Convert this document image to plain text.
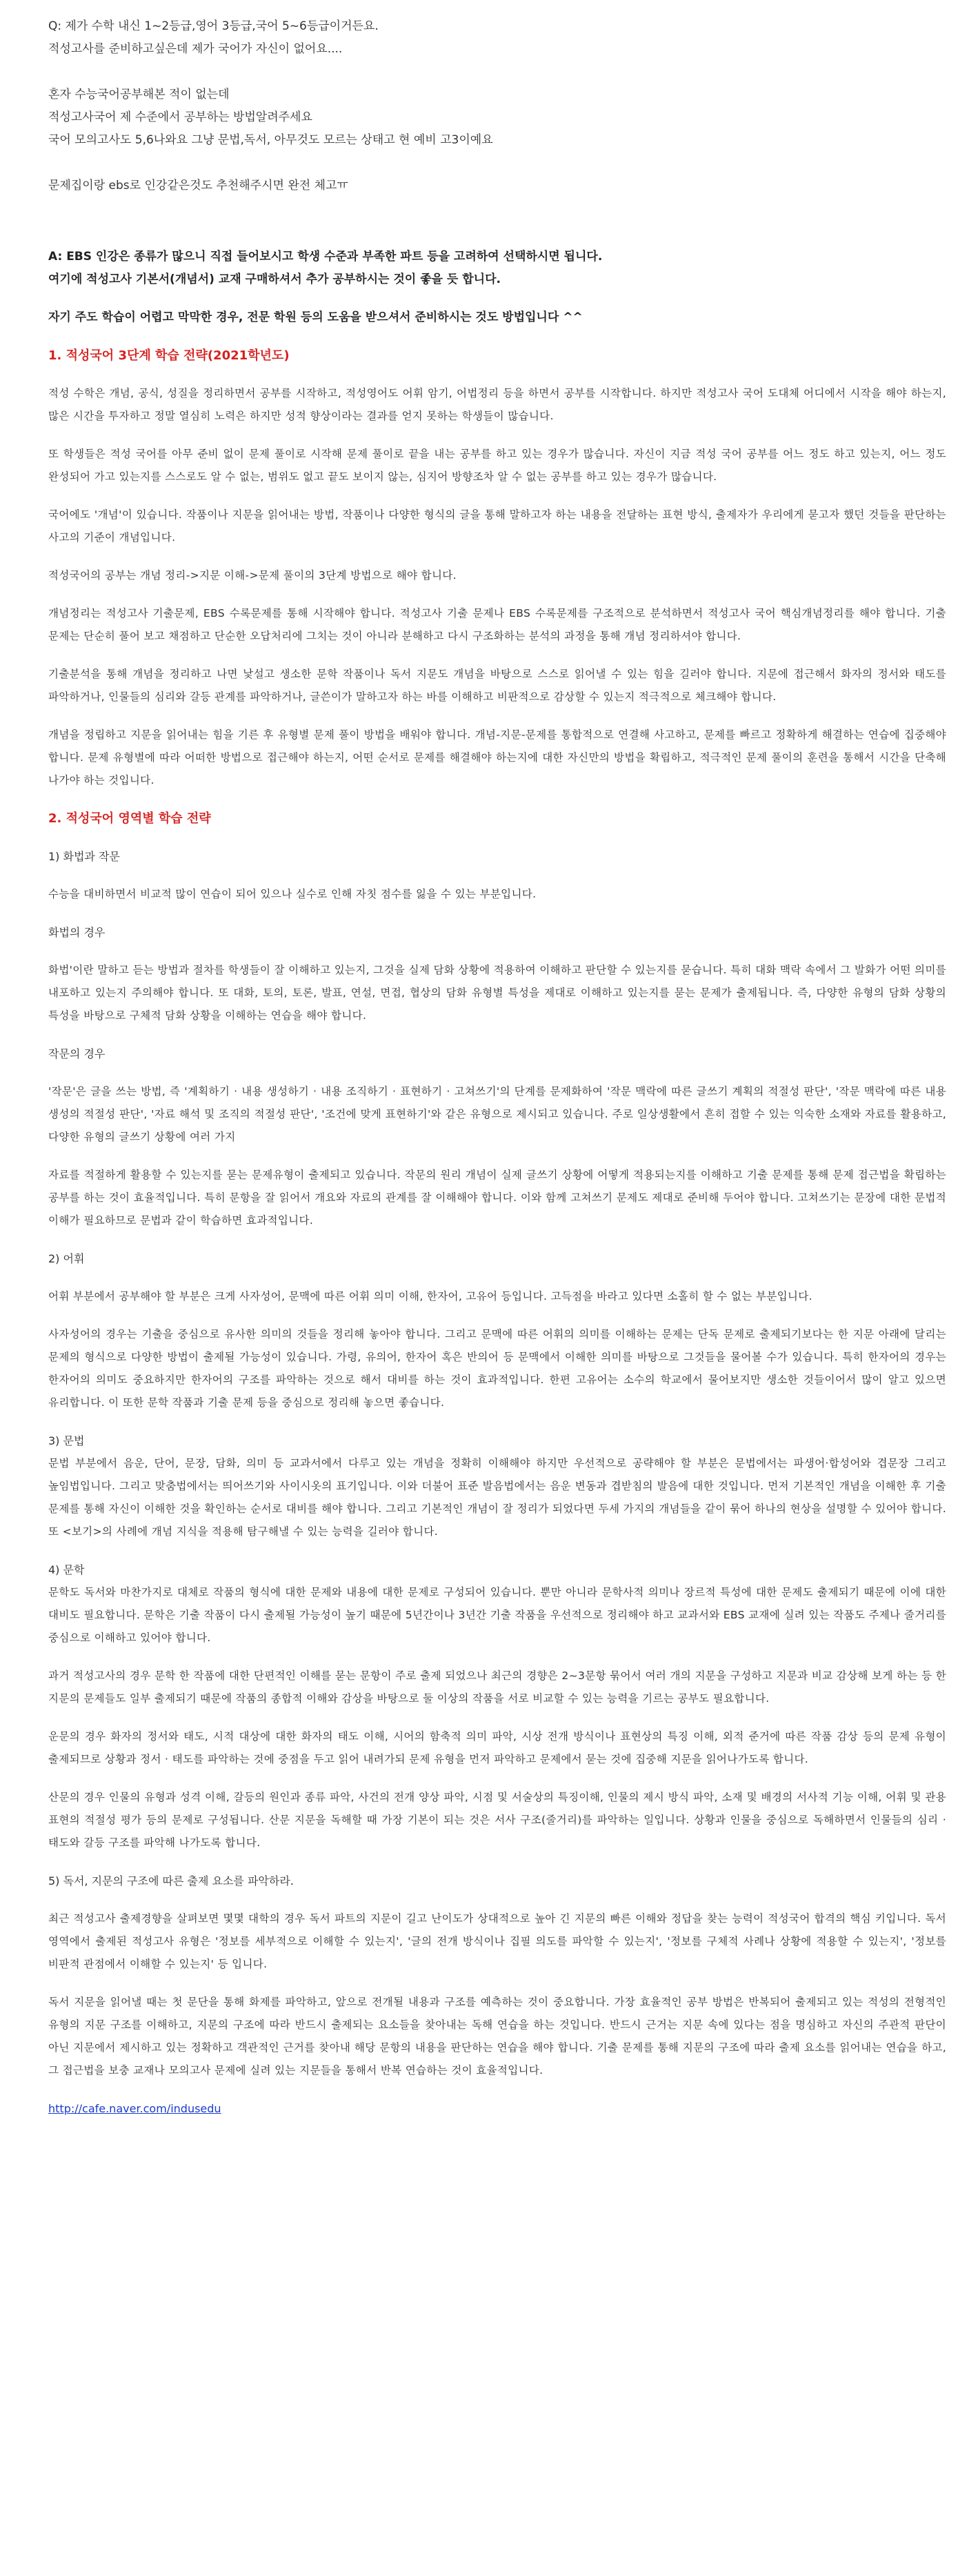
Q: 제가 수학 내신 1~2등급,영어 3등급,국어 5~6등급이거든요.

적성고사를 준비하고싶은데 제가 국어가 자신이 없어요....

혼자 수능국어공부해본 적이 없는데

적성고사국어 제 수준에서 공부하는 방법알려주세요

국어 모의고사도 5,6나와요 그냥 문법,독서, 아무것도 모르는 상태고 현 예비 고3이예요

문제집이랑 ebs로 인강같은것도 추천해주시면 완전 체고ㅠ

A: EBS 인강은 종류가 많으니 직접 들어보시고 학생 수준과 부족한 파트 등을 고려하여 선택하시면 됩니다.

여기에 적성고사 기본서(개념서) 교재 구매하셔서 추가 공부하시는 것이 좋을 듯 합니다.

자기 주도 학습이 어렵고 막막한 경우, 전문 학원 등의 도움을 받으셔서 준비하시는 것도 방법입니다 ^^

1. 적성국어 3단계 학습 전략(2021학년도)

적성 수학은 개념, 공식, 성질을 정리하면서 공부를 시작하고, 적성영어도 어휘 암기, 어법정리 등을 하면서 공부를 시작합니다. 하지만 적성고사 국어 도대체 어디에서 시작을 해야 하는지, 많은 시간을 투자하고 정말 열심히 노력은 하지만 성적 향상이라는 결과를 얻지 못하는 학생들이 많습니다.

또 학생들은 적성 국어를 아무 준비 없이 문제 풀이로 시작해 문제 풀이로 끝을 내는 공부를 하고 있는 경우가 많습니다. 자신이 지금 적성 국어 공부를 어느 정도 하고 있는지, 어느 정도 완성되어 가고 있는지를 스스로도 알 수 없는, 범위도 없고 끝도 보이지 않는, 심지어 방향조차 알 수 없는 공부를 하고 있는 경우가 많습니다.

국어에도 '개념'이 있습니다. 작품이나 지문을 읽어내는 방법, 작품이나 다양한 형식의 글을 통해 말하고자 하는 내용을 전달하는 표현 방식, 출제자가 우리에게 묻고자 했던 것들을 판단하는 사고의 기준이 개념입니다.

적성국어의 공부는 개념 정리->지문 이해->문제 풀이의 3단계 방법으로 해야 합니다.

개념정리는 적성고사 기출문제, EBS 수록문제를 통해 시작해야 합니다. 적성고사 기출 문제나 EBS 수록문제를 구조적으로 분석하면서 적성고사 국어 핵심개념정리를 해야 합니다. 기출 문제는 단순히 풀어 보고 채점하고 단순한 오답처리에 그치는 것이 아니라 분해하고 다시 구조화하는 분석의 과정을 통해 개념 정리하셔야 합니다.

기출분석을 통해 개념을 정리하고 나면 낯설고 생소한 문학 작품이나 독서 지문도 개념을 바탕으로 스스로 읽어낼 수 있는 힘을 길러야 합니다. 지문에 접근해서 화자의 정서와 태도를 파악하거나, 인물들의 심리와 갈등 관계를 파악하거나, 글쓴이가 말하고자 하는 바를 이해하고 비판적으로 감상할 수 있는지 적극적으로 체크해야 합니다.

개념을 정립하고 지문을 읽어내는 힘을 기른 후 유형별 문제 풀이 방법을 배워야 합니다. 개념-지문-문제를 통합적으로 연결해 사고하고, 문제를 빠르고 정확하게 해결하는 연습에 집중해야 합니다. 문제 유형별에 따라 어떠한 방법으로 접근해야 하는지, 어떤 순서로 문제를 해결해야 하는지에 대한 자신만의 방법을 확립하고, 적극적인 문제 풀이의 훈련을 통해서 시간을 단축해 나가야 하는 것입니다.

2. 적성국어 영역별 학습 전략

1) 화법과 작문

수능을 대비하면서 비교적 많이 연습이 되어 있으나 실수로 인해 자칫 점수를 잃을 수 있는 부분입니다.

화법의 경우

화법'이란 말하고 듣는 방법과 절차를 학생들이 잘 이해하고 있는지, 그것을 실제 담화 상황에 적용하여 이해하고 판단할 수 있는지를 묻습니다. 특히 대화 맥락 속에서 그 발화가 어떤 의미를 내포하고 있는지 주의해야 합니다. 또 대화, 토의, 토론, 발표, 연설, 면접, 협상의 담화 유형별 특성을 제대로 이해하고 있는지를 묻는 문제가 출제됩니다. 즉, 다양한 유형의 담화 상황의 특성을 바탕으로 구체적 담화 상황을 이해하는 연습을 해야 합니다.

작문의 경우

'작문'은 글을 쓰는 방법, 즉 '계획하기 · 내용 생성하기 · 내용 조직하기 · 표현하기 · 고쳐쓰기'의 단계를 문제화하여 '작문 맥락에 따른 글쓰기 계획의 적절성 판단', '작문 맥락에 따른 내용 생성의 적절성 판단', '자료 해석 및 조직의 적절성 판단', '조건에 맞게 표현하기'와 같은 유형으로 제시되고 있습니다. 주로 일상생활에서 흔히 접할 수 있는 익숙한 소재와 자료를 활용하고, 다양한 유형의 글쓰기 상황에 여러 가지

자료를 적절하게 활용할 수 있는지를 묻는 문제유형이 출제되고 있습니다. 작문의 원리 개념이 실제 글쓰기 상황에 어떻게 적용되는지를 이해하고 기출 문제를 통해 문제 접근법을 확립하는 공부를 하는 것이 효율적입니다. 특히 문항을 잘 읽어서 개요와 자료의 관계를 잘 이해해야 합니다. 이와 함께 고쳐쓰기 문제도 제대로 준비해 두어야 합니다. 고쳐쓰기는 문장에 대한 문법적 이해가 필요하므로 문법과 같이 학습하면 효과적입니다.

2) 어휘

어휘 부분에서 공부해야 할 부분은 크게 사자성어, 문맥에 따른 어휘 의미 이해, 한자어, 고유어 등입니다. 고득점을 바라고 있다면 소홀히 할 수 없는 부분입니다.

사자성어의 경우는 기출을 중심으로 유사한 의미의 것들을 정리해 놓아야 합니다. 그리고 문맥에 따른 어휘의 의미를 이해하는 문제는 단독 문제로 출제되기보다는 한 지문 아래에 달리는 문제의 형식으로 다양한 방법이 출제될 가능성이 있습니다. 가령, 유의어, 한자어 혹은 반의어 등 문맥에서 이해한 의미를 바탕으로 그것들을 물어볼 수가 있습니다. 특히 한자어의 경우는 한자어의 의미도 중요하지만 한자어의 구조를 파악하는 것으로 해서 대비를 하는 것이 효과적입니다. 한편 고유어는 소수의 학교에서 물어보지만 생소한 것들이어서 많이 알고 있으면 유리합니다. 이 또한 문학 작품과 기출 문제 등을 중심으로 정리해 놓으면 좋습니다.

3) 문법

문법 부분에서 음운, 단어, 문장, 담화, 의미 등 교과서에서 다루고 있는 개념을 정확히 이해해야 하지만 우선적으로 공략해야 할 부분은 문법에서는 파생어·합성어와 겹문장 그리고 높임법입니다. 그리고 맞춤법에서는 띄어쓰기와 사이시옷의 표기입니다. 이와 더불어 표준 발음법에서는 음운 변동과 겹받침의 발음에 대한 것입니다. 먼저 기본적인 개념을 이해한 후 기출 문제를 통해 자신이 이해한 것을 확인하는 순서로 대비를 해야 합니다. 그리고 기본적인 개념이 잘 정리가 되었다면 두세 가지의 개념들을 같이 묶어 하나의 현상을 설명할 수 있어야 합니다. 또 <보기>의 사례에 개념 지식을 적용해 탐구해낼 수 있는 능력을 길러야 합니다.

4) 문학

문학도 독서와 마찬가지로 대체로 작품의 형식에 대한 문제와 내용에 대한 문제로 구성되어 있습니다. 뿐만 아니라 문학사적 의미나 장르적 특성에 대한 문제도 출제되기 때문에 이에 대한 대비도 필요합니다. 문학은 기출 작품이 다시 출제될 가능성이 높기 때문에 5년간이나 3년간 기출 작품을 우선적으로 정리해야 하고 교과서와 EBS 교재에 실려 있는 작품도 주제나 줄거리를 중심으로 이해하고 있어야 합니다.

과거 적성고사의 경우 문학 한 작품에 대한 단편적인 이해를 묻는 문항이 주로 출제 되었으나 최근의 경향은 2~3문항 묶어서 여러 개의 지문을 구성하고 지문과 비교 감상해 보게 하는 등 한 지문의 문제들도 일부 출제되기 때문에 작품의 종합적 이해와 감상을 바탕으로 둘 이상의 작품을 서로 비교할 수 있는 능력을 기르는 공부도 필요합니다.

운문의 경우 화자의 정서와 태도, 시적 대상에 대한 화자의 태도 이해, 시어의 함축적 의미 파악, 시상 전개 방식이나 표현상의 특징 이해, 외적 준거에 따른 작품 감상 등의 문제 유형이 출제되므로 상황과 정서 · 태도를 파악하는 것에 중점을 두고 읽어 내려가되 문제 유형을 먼저 파악하고 문제에서 묻는 것에 집중해 지문을 읽어나가도록 합니다.

산문의 경우 인물의 유형과 성격 이해, 갈등의 원인과 종류 파악, 사건의 전개 양상 파악, 시점 및 서술상의 특징이해, 인물의 제시 방식 파악, 소재 및 배경의 서사적 기능 이해, 어휘 및 관용 표현의 적절성 평가 등의 문제로 구성됩니다. 산문 지문을 독해할 때 가장 기본이 되는 것은 서사 구조(줄거리)를 파악하는 일입니다. 상황과 인물을 중심으로 독해하면서 인물들의 심리 · 태도와 갈등 구조를 파악해 나가도록 합니다.

5) 독서, 지문의 구조에 따른 출제 요소를 파악하라.

최근 적성고사 출제경향을 살펴보면 몇몇 대학의 경우 독서 파트의 지문이 길고 난이도가 상대적으로 높아 긴 지문의 빠른 이해와 정답을 찾는 능력이 적성국어 합격의 핵심 키입니다. 독서 영역에서 출제된 적성고사 유형은 '정보를 세부적으로 이해할 수 있는지', '글의 전개 방식이나 집필 의도를 파악할 수 있는지', '정보를 구체적 사례나 상황에 적용할 수 있는지', '정보를 비판적 관점에서 이해할 수 있는지' 등 입니다.

독서 지문을 읽어낼 때는 첫 문단을 통해 화제를 파악하고, 앞으로 전개될 내용과 구조를 예측하는 것이 중요합니다. 가장 효율적인 공부 방법은 반복되어 출제되고 있는 적성의 전형적인 유형의 지문 구조를 이해하고, 지문의 구조에 따라 반드시 출제되는 요소들을 찾아내는 독해 연습을 하는 것입니다. 반드시 근거는 지문 속에 있다는 점을 명심하고 자신의 주관적 판단이 아닌 지문에서 제시하고 있는 정확하고 객관적인 근거를 찾아내 해당 문항의 내용을 판단하는 연습을 해야 합니다. 기출 문제를 통해 지문의 구조에 따라 출제 요소를 읽어내는 연습을 하고, 그 접근법을 보충 교재나 모의고사 문제에 실려 있는 지문들을 통해서 반복 연습하는 것이 효율적입니다.

http://cafe.naver.com/indusedu
